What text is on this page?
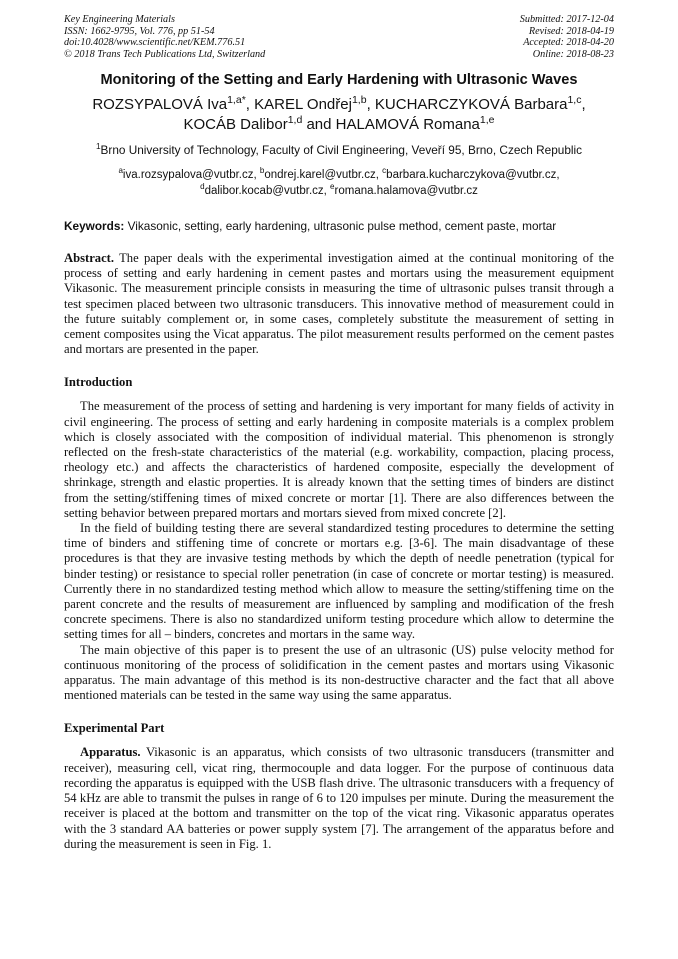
Key Engineering Materials
ISSN: 1662-9795, Vol. 776, pp 51-54
doi:10.4028/www.scientific.net/KEM.776.51
© 2018 Trans Tech Publications Ltd, Switzerland
Submitted: 2017-12-04
Revised: 2018-04-19
Accepted: 2018-04-20
Online: 2018-08-23
Monitoring of the Setting and Early Hardening with Ultrasonic Waves
ROZSYPALOVÁ Iva$^{1,a*}$, KAREL Ondřej$^{1,b}$, KUCHARCZYKOVÁ Barbara$^{1,c}$,
KOCÁB Dalibor$^{1,d}$ and HALAMOVÁ Romana$^{1,e}$
$^1$Brno University of Technology, Faculty of Civil Engineering, Veveří 95, Brno, Czech Republic
$^a$iva.rozsypalova@vutbr.cz, $^b$ondrej.karel@vutbr.cz, $^c$barbara.kucharczykova@vutbr.cz,
$^d$dalibor.kocab@vutbr.cz, $^e$romana.halamova@vutbr.cz
Keywords: Vikasonic, setting, early hardening, ultrasonic pulse method, cement paste, mortar
Abstract. The paper deals with the experimental investigation aimed at the continual monitoring of the process of setting and early hardening in cement pastes and mortars using the measurement equipment Vikasonic. The measurement principle consists in measuring the time of ultrasonic pulses transit through a test specimen placed between two ultrasonic transducers. This innovative method of measurement could in the future suitably complement or, in some cases, completely substitute the measurement of setting in cement composites using the Vicat apparatus. The pilot measurement results performed on the cement pastes and mortars are presented in the paper.
Introduction
The measurement of the process of setting and hardening is very important for many fields of activity in civil engineering. The process of setting and early hardening in composite materials is a complex problem which is closely associated with the composition of individual material. This phenomenon is strongly reflected on the fresh-state characteristics of the material (e.g. workability, compaction, placing process, rheology etc.) and affects the characteristics of hardened composite, especially the development of shrinkage, strength and elastic properties. It is already known that the setting times of binders are distinct from the setting/stiffening times of mixed concrete or mortar [1]. There are also differences between the setting behavior between prepared mortars and mortars sieved from mixed concrete [2].
In the field of building testing there are several standardized testing procedures to determine the setting time of binders and stiffening time of concrete or mortars e.g. [3-6]. The main disadvantage of these procedures is that they are invasive testing methods by which the depth of needle penetration (typical for binder testing) or resistance to special roller penetration (in case of concrete or mortar testing) is measured. Currently there in no standardized testing method which allow to measure the setting/stiffening time on the parent concrete and the results of measurement are influenced by sampling and modification of the fresh concrete specimens. There is also no standardized uniform testing procedure which allow to determine the setting times for all – binders, concretes and mortars in the same way.
The main objective of this paper is to present the use of an ultrasonic (US) pulse velocity method for continuous monitoring of the process of solidification in the cement pastes and mortars using Vikasonic apparatus. The main advantage of this method is its non-destructive character and the fact that all above mentioned materials can be tested in the same way using the same apparatus.
Experimental Part
Apparatus. Vikasonic is an apparatus, which consists of two ultrasonic transducers (transmitter and receiver), measuring cell, vicat ring, thermocouple and data logger. For the purpose of continuous data recording the apparatus is equipped with the USB flash drive. The ultrasonic transducers with a frequency of 54 kHz are able to transmit the pulses in range of 6 to 120 impulses per minute. During the measurement the receiver is placed at the bottom and transmitter on the top of the vicat ring. Vikasonic apparatus operates with the 3 standard AA batteries or power supply system [7]. The arrangement of the apparatus before and during the measurement is seen in Fig. 1.
